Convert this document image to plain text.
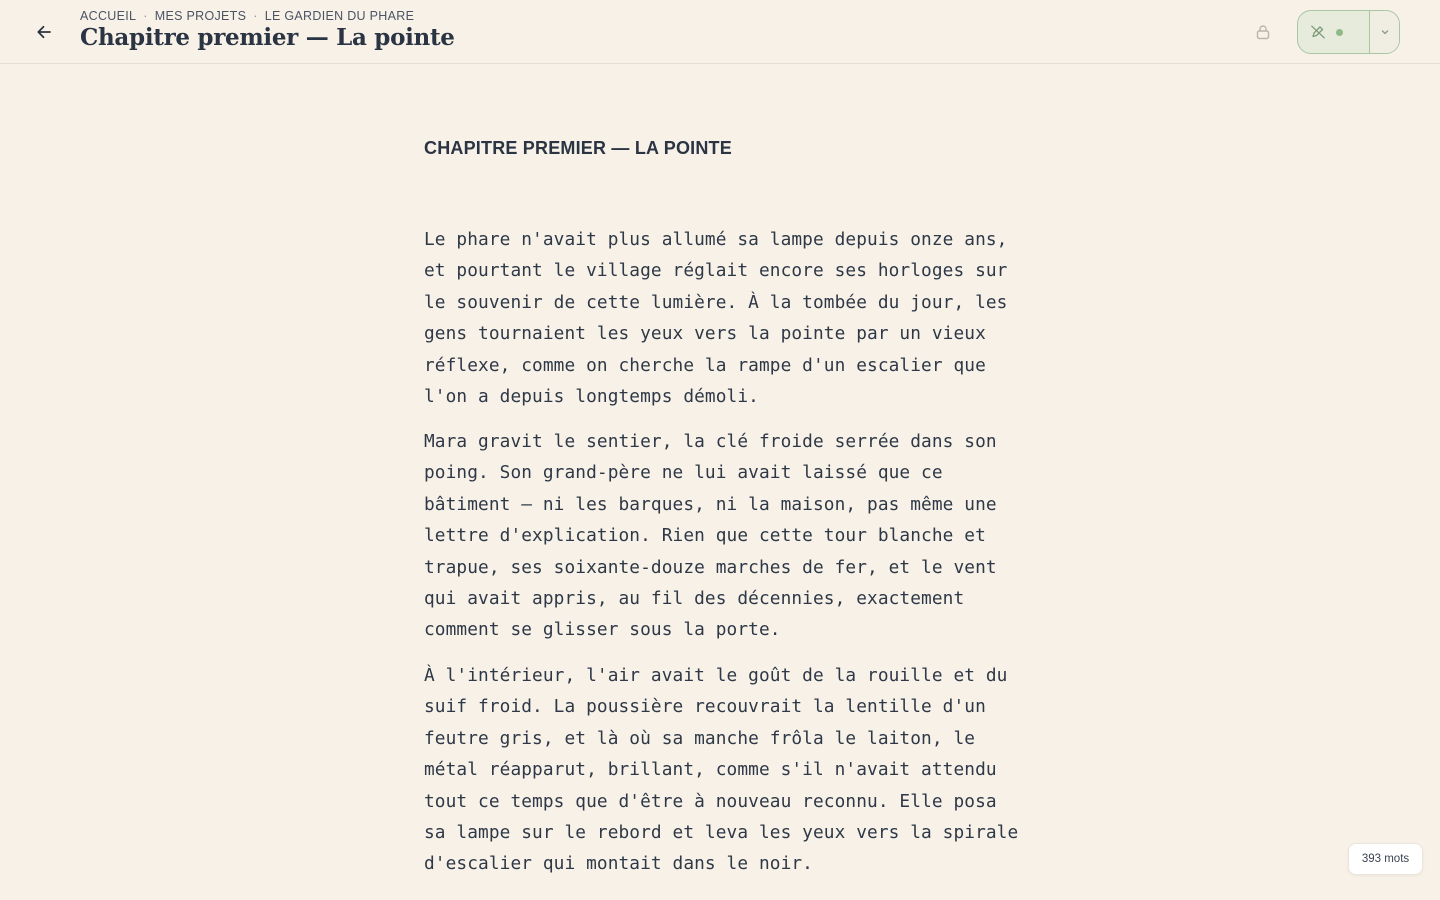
ACCUEIL · MES PROJETS · LE GARDIEN DU PHARE
Chapitre premier — La pointe
CHAPITRE PREMIER — LA POINTE

Le phare n'avait plus allumé sa lampe depuis onze ans, et pourtant le village réglait encore ses horloges sur le souvenir de cette lumière. À la tombée du jour, les gens tournaient les yeux vers la pointe par un vieux réflexe, comme on cherche la rampe d'un escalier que l'on a depuis longtemps démoli.

Mara gravit le sentier, la clé froide serrée dans son poing. Son grand-père ne lui avait laissé que ce bâtiment — ni les barques, ni la maison, pas même une lettre d'explication. Rien que cette tour blanche et trapue, ses soixante-douze marches de fer, et le vent qui avait appris, au fil des décennies, exactement comment se glisser sous la porte.

À l'intérieur, l'air avait le goût de la rouille et du suif froid. La poussière recouvrait la lentille d'un feutre gris, et là où sa manche frôla le laiton, le métal réapparut, brillant, comme s'il n'avait attendu tout ce temps que d'être à nouveau reconnu. Elle posa sa lampe sur le rebord et leva les yeux vers la spirale d'escalier qui montait dans le noir.	393 mots
